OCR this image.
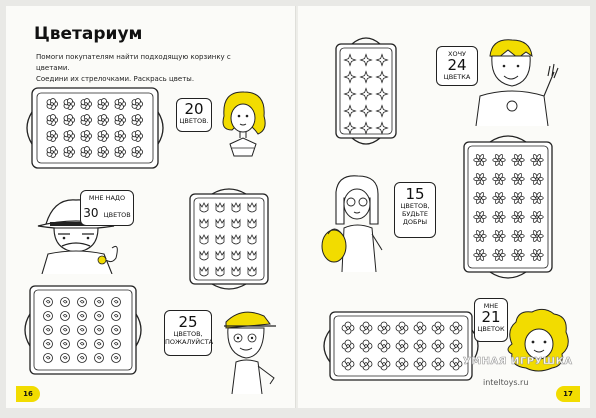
Цветариум
Помоги покупателям найти подходящую корзинку с цветами.
Соедини их стрелочками. Раскрась цветы.
20
ЦВЕТОВ.
МНЕ НАДО
30 ЦВЕТОВ
25
ЦВЕТОВ,
ПОЖАЛУЙСТА
16
ХОЧУ
24
ЦВЕТКА
15
ЦВЕТОВ,
БУДЬТЕ
ДОБРЫ
МНЕ
21
ЦВЕТОК
УМНАЯ ИГРУШКА
inteltoys.ru
17
